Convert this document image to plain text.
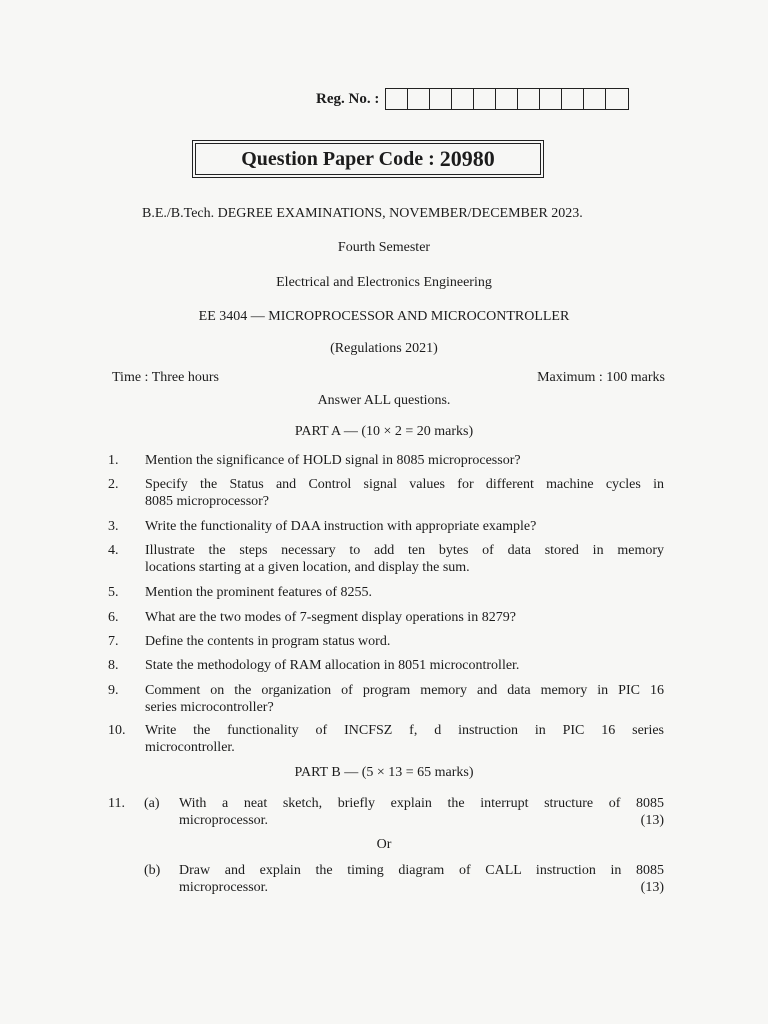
Reg. No. :
Question Paper Code : 20980
B.E./B.Tech. DEGREE EXAMINATIONS, NOVEMBER/DECEMBER 2023.
Fourth Semester
Electrical and Electronics Engineering
EE 3404 — MICROPROCESSOR AND MICROCONTROLLER
(Regulations 2021)
Time : Three hours	Maximum : 100 marks
Answer ALL questions.
PART A — (10 × 2 = 20 marks)
1.	Mention the significance of HOLD signal in 8085 microprocessor?
2.	Specify the Status and Control signal values for different machine cycles in
8085 microprocessor?
3.	Write the functionality of DAA instruction with appropriate example?
4.	Illustrate the steps necessary to add ten bytes of data stored in memory
locations starting at a given location, and display the sum.
5.	Mention the prominent features of 8255.
6.	What are the two modes of 7-segment display operations in 8279?
7.	Define the contents in program status word.
8.	State the methodology of RAM allocation in 8051 microcontroller.
9.	Comment on the organization of program memory and data memory in PIC 16
series microcontroller?
10.	Write the functionality of INCFSZ f, d instruction in PIC 16 series
microcontroller.
PART B — (5 × 13 = 65 marks)
11. (a) With a neat sketch, briefly explain the interrupt structure of 8085
microprocessor.	(13)
Or
(b) Draw and explain the timing diagram of CALL instruction in 8085
microprocessor.	(13)
